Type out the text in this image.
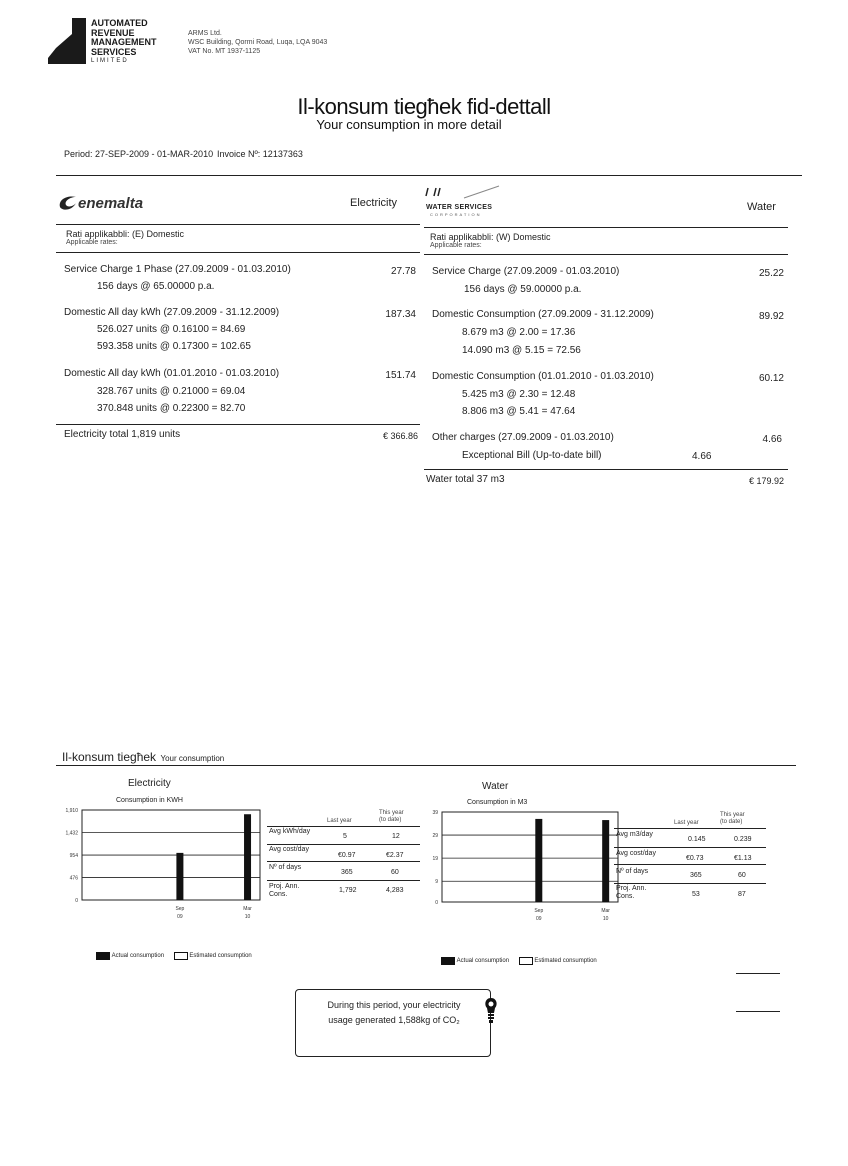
AUTOMATED
REVENUE
MANAGEMENT
SERVICES
LIMITED
ARMS Ltd.
WSC Building, Qormi Road, Luqa, LQA 9043
VAT No. MT 1937-1125
Il-konsum tiegħek fid-dettall
Your consumption in more detail
Period: 27-SEP-2009 - 01-MAR-2010 Invoice Nº: 12137363
enemalta	Electricity
Rati applikabbli: (E) Domestic
Applicable rates:
Service Charge 1 Phase (27.09.2009 - 01.03.2010)	27.78
156 days @ 65.00000 p.a.
Domestic All day kWh (27.09.2009 - 31.12.2009)	187.34
526.027 units @ 0.16100 = 84.69
593.358 units @ 0.17300 = 102.65
Domestic All day kWh (01.01.2010 - 01.03.2010)	151.74
328.767 units @ 0.21000 = 69.04
370.848 units @ 0.22300 = 82.70
Electricity total 1,819 units	€ 366.86
WATER SERVICES
CORPORATION
Water
Rati applikabbli: (W) Domestic
Applicable rates:
Service Charge (27.09.2009 - 01.03.2010)	25.22
156 days @ 59.00000 p.a.
Domestic Consumption (27.09.2009 - 31.12.2009)	89.92
8.679 m3 @ 2.00 = 17.36
14.090 m3 @ 5.15 = 72.56
Domestic Consumption (01.01.2010 - 01.03.2010)	60.12
5.425 m3 @ 2.30 = 12.48
8.806 m3 @ 5.41 = 47.64
Other charges (27.09.2009 - 01.03.2010)	4.66
Exceptional Bill (Up-to-date bill)	4.66
Water total 37 m3	€ 179.92
Il-konsum tiegħek Your consumption
Electricity
Consumption in KWH
1,910
1,432
954
476
0
Sep
09
Mar
10
Water
Consumption in M3
39
29
19
9
0
Sep
09
Mar
10
Last year
This year
(to date)
Avg kWh/day
5	12
Avg cost/day
€0.97	€2.37
Nº of days
365	60
Proj. Ann. Cons.
1,792	4,283
Last year
This year
(to date)
Avg m3/day
0.145	0.239
Avg cost/day
€0.73	€1.13
Nº of days
365	60
Proj. Ann. Cons.	53	87
Actual consumption	Estimated consumption
Actual consumption	Estimated consumption
During this period, your electricity
usage generated 1,588kg of CO₂
